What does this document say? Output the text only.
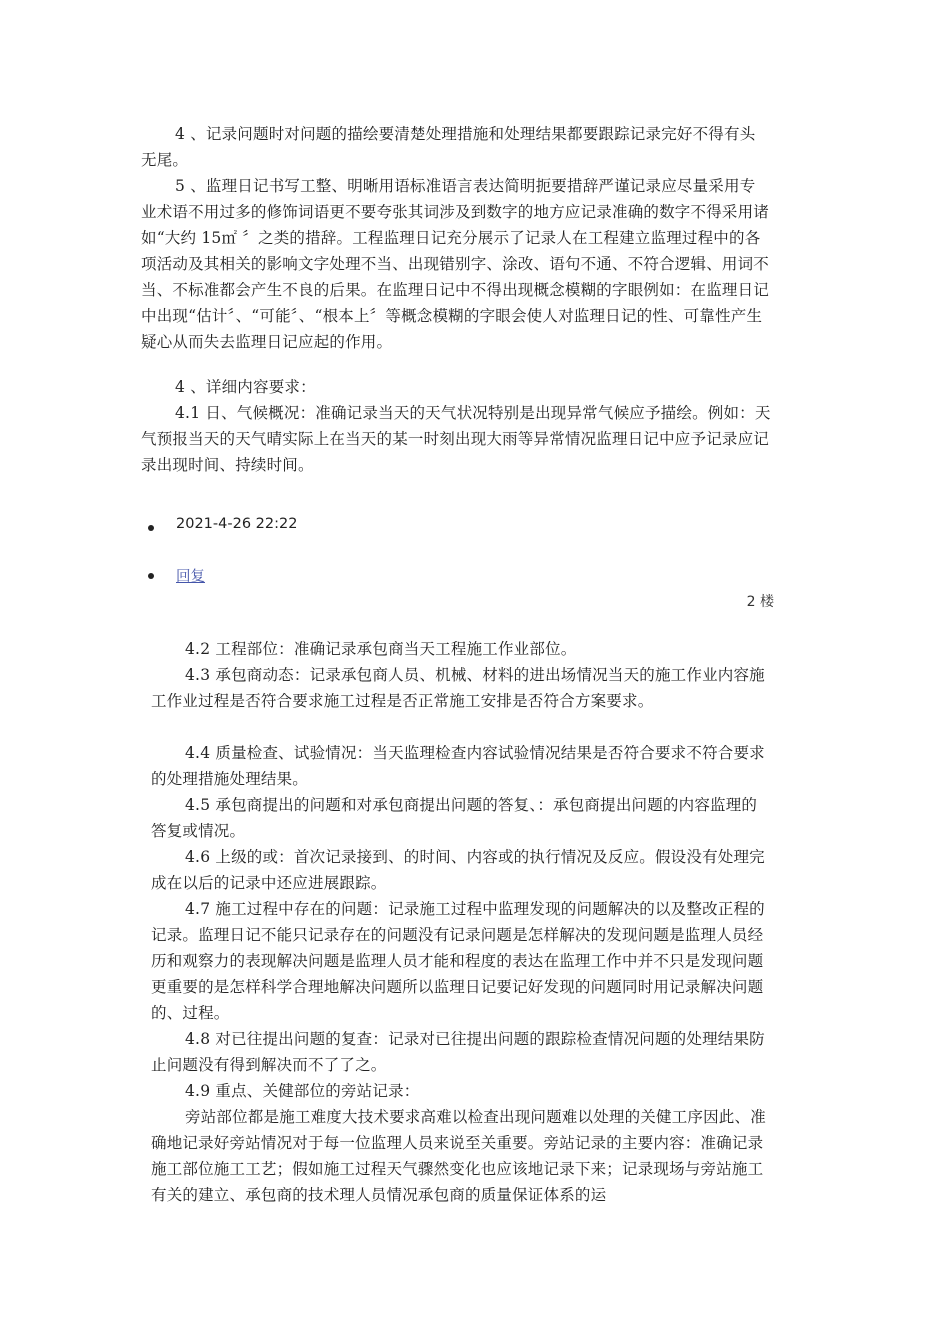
4 、记录问题时对问题的描绘要清楚处理措施和处理结果都要跟踪记录完好不得有头无尾。
5 、监理日记书写工整、明晰用语标准语言表达简明扼要措辞严谨记录应尽量采用专业术语不用过多的修饰词语更不要夸张其词涉及到数字的地方应记录准确的数字不得采用诸如“大约 15㎡ 〞之类的措辞。工程监理日记充分展示了记录人在工程建立监理过程中的各项活动及其相关的影响文字处理不当、出现错别字、涂改、语句不通、不符合逻辑、用词不当、不标准都会产生不良的后果。在监理日记中不得出现概念模糊的字眼例如：在监理日记中出现“估计〞、“可能〞、“根本上〞等概念模糊的字眼会使人对监理日记的性、可靠性产生疑心从而失去监理日记应起的作用。
4 、详细内容要求：
4.1 日、气候概况：准确记录当天的天气状况特别是出现异常气候应予描绘。例如：天气预报当天的天气晴实际上在当天的某一时刻出现大雨等异常情况监理日记中应予记录应记录出现时间、持续时间。
2021-4-26 22:22
回复
2 楼
4.2 工程部位：准确记录承包商当天工程施工作业部位。
4.3 承包商动态：记录承包商人员、机械、材料的进出场情况当天的施工作业内容施工作业过程是否符合要求施工过程是否正常施工安排是否符合方案要求。
4.4 质量检查、试验情况：当天监理检查内容试验情况结果是否符合要求不符合要求的处理措施处理结果。
4.5 承包商提出的问题和对承包商提出问题的答复、：承包商提出问题的内容监理的答复或情况。
4.6 上级的或：首次记录接到、的时间、内容或的执行情况及反应。假设没有处理完成在以后的记录中还应进展跟踪。
4.7 施工过程中存在的问题：记录施工过程中监理发现的问题解决的以及整改正程的记录。监理日记不能只记录存在的问题没有记录问题是怎样解决的发现问题是监理人员经历和观察力的表现解决问题是监理人员才能和程度的表达在监理工作中并不只是发现问题更重要的是怎样科学合理地解决问题所以监理日记要记好发现的问题同时用记录解决问题的、过程。
4.8 对已往提出问题的复查：记录对已往提出问题的跟踪检查情况问题的处理结果防止问题没有得到解决而不了了之。
4.9 重点、关健部位的旁站记录：
旁站部位都是施工难度大技术要求高难以检查出现问题难以处理的关健工序因此、准确地记录好旁站情况对于每一位监理人员来说至关重要。旁站记录的主要内容：准确记录施工部位施工工艺；假如施工过程天气骤然变化也应该地记录下来；记录现场与旁站施工有关的建立、承包商的技术理人员情况承包商的质量保证体系的运
